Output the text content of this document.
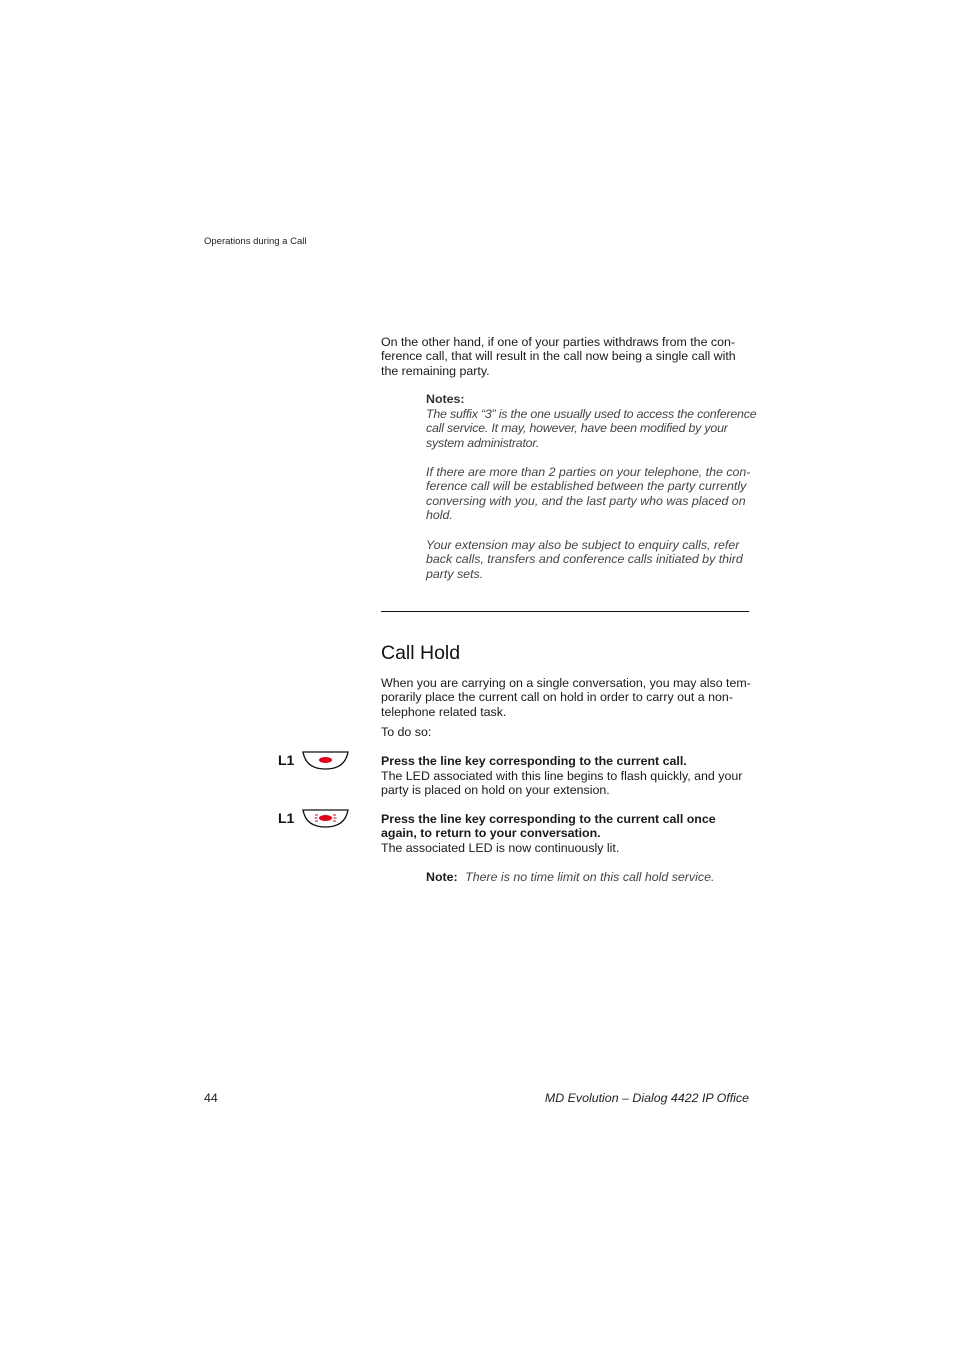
Operations during a Call
On the other hand, if one of your parties withdraws from the con-
ference call, that will result in the call now being a single call with
the remaining party.
Notes:
The suffix “3” is the one usually used to access the conference
call service. It may, however, have been modified by your
system administrator.
If there are more than 2 parties on your telephone, the con-
ference call will be established between the party currently
conversing with you, and the last party who was placed on
hold.
Your extension may also be subject to enquiry calls, refer
back calls, transfers and conference calls initiated by third
party sets.
Call Hold
When you are carrying on a single conversation, you may also tem-
porarily place the current call on hold in order to carry out a non-
telephone related task.
To do so:
L1	Press the line key corresponding to the current call.
The LED associated with this line begins to flash quickly, and your
party is placed on hold on your extension.
L1	Press the line key corresponding to the current call once
again, to return to your conversation.
The associated LED is now continuously lit.
Note: There is no time limit on this call hold service.
44	MD Evolution – Dialog 4422 IP Office
